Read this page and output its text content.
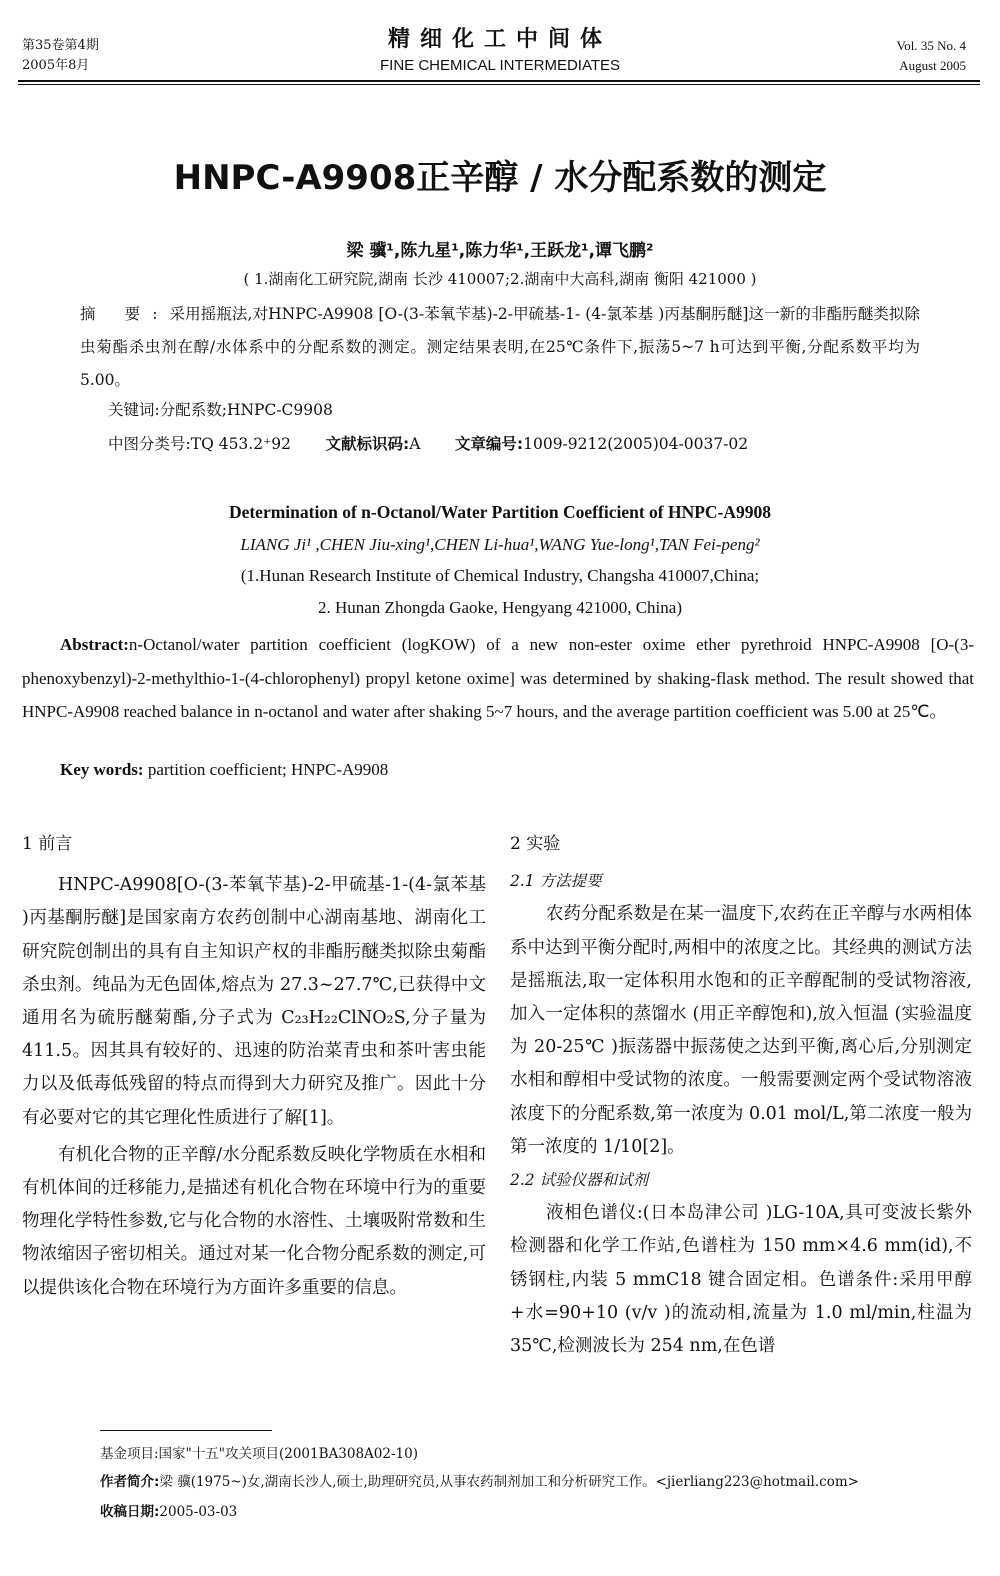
第35卷第4期
2005年8月
精细化工中间体
FINE CHEMICAL INTERMEDIATES
Vol. 35 No. 4
August 2005
HNPC-A9908正辛醇 / 水分配系数的测定
梁 骥¹,陈九星¹,陈力华¹,王跃龙¹,谭飞鹏²
( 1.湖南化工研究院,湖南 长沙 410007;2.湖南中大高科,湖南 衡阳 421000 )
摘 要:采用摇瓶法,对HNPC-A9908 [O-(3-苯氧苄基)-2-甲硫基-1- (4-氯苯基 )丙基酮肟醚]这一新的非酯肟醚类拟除虫菊酯杀虫剂在醇/水体系中的分配系数的测定。测定结果表明,在25℃条件下,振荡5~7 h可达到平衡,分配系数平均为5.00。
关键词:分配系数;HNPC-C9908
中图分类号:TQ 453.2⁺92 文献标识码:A 文章编号:1009-9212(2005)04-0037-02
Determination of n-Octanol/Water Partition Coefficient of HNPC-A9908
LIANG Ji¹ ,CHEN Jiu-xing¹,CHEN Li-hua¹,WANG Yue-long¹,TAN Fei-peng²
(1.Hunan Research Institute of Chemical Industry, Changsha 410007,China;
2. Hunan Zhongda Gaoke, Hengyang 421000, China)
Abstract:n-Octanol/water partition coefficient (logKOW) of a new non-ester oxime ether pyrethroid HNPC-A9908 [O-(3-phenoxybenzyl)-2-methylthio-1-(4-chlorophenyl) propyl ketone oxime] was determined by shaking-flask method. The result showed that HNPC-A9908 reached balance in n-octanol and water after shaking 5~7 hours, and the average partition coefficient was 5.00 at 25℃。
Key words: partition coefficient; HNPC-A9908
1 前言

HNPC-A9908[O-(3-苯氧苄基)-2-甲硫基-1-(4-氯苯基 )丙基酮肟醚]是国家南方农药创制中心湖南基地、湖南化工研究院创制出的具有自主知识产权的非酯肟醚类拟除虫菊酯杀虫剂。纯品为无色固体,熔点为 27.3~27.7℃,已获得中文通用名为硫肟醚菊酯,分子式为 C₂₃H₂₂ClNO₂S,分子量为 411.5。因其具有较好的、迅速的防治菜青虫和茶叶害虫能力以及低毒低残留的特点而得到大力研究及推广。因此十分有必要对它的其它理化性质进行了解[1]。

有机化合物的正辛醇/水分配系数反映化学物质在水相和有机体间的迁移能力,是描述有机化合物在环境中行为的重要物理化学特性参数,它与化合物的水溶性、土壤吸附常数和生物浓缩因子密切相关。通过对某一化合物分配系数的测定,可以提供该化合物在环境行为方面许多重要的信息。

2 实验
2.1 方法提要

农药分配系数是在某一温度下,农药在正辛醇与水两相体系中达到平衡分配时,两相中的浓度之比。其经典的测试方法是摇瓶法,取一定体积用水饱和的正辛醇配制的受试物溶液,加入一定体积的蒸馏水 (用正辛醇饱和),放入恒温 (实验温度为 20-25℃ )振荡器中振荡使之达到平衡,离心后,分别测定水相和醇相中受试物的浓度。一般需要测定两个受试物溶液浓度下的分配系数,第一浓度为 0.01 mol/L,第二浓度一般为第一浓度的 1/10[2]。

2.2 试验仪器和试剂

液相色谱仪:(日本岛津公司 )LG-10A,具可变波长紫外检测器和化学工作站,色谱柱为 150 mm×4.6 mm(id),不锈钢柱,内装 5 mmC18 键合固定相。色谱条件:采用甲醇+水=90+10 (v/v )的流动相,流量为 1.0 ml/min,柱温为 35℃,检测波长为 254 nm,在色谱

基金项目:国家"十五"攻关项目(2001BA308A02-10)
作者简介:梁 骥(1975~)女,湖南长沙人,硕士,助理研究员,从事农药制剂加工和分析研究工作。<jierliang223@hotmail.com>
收稿日期:2005-03-03
